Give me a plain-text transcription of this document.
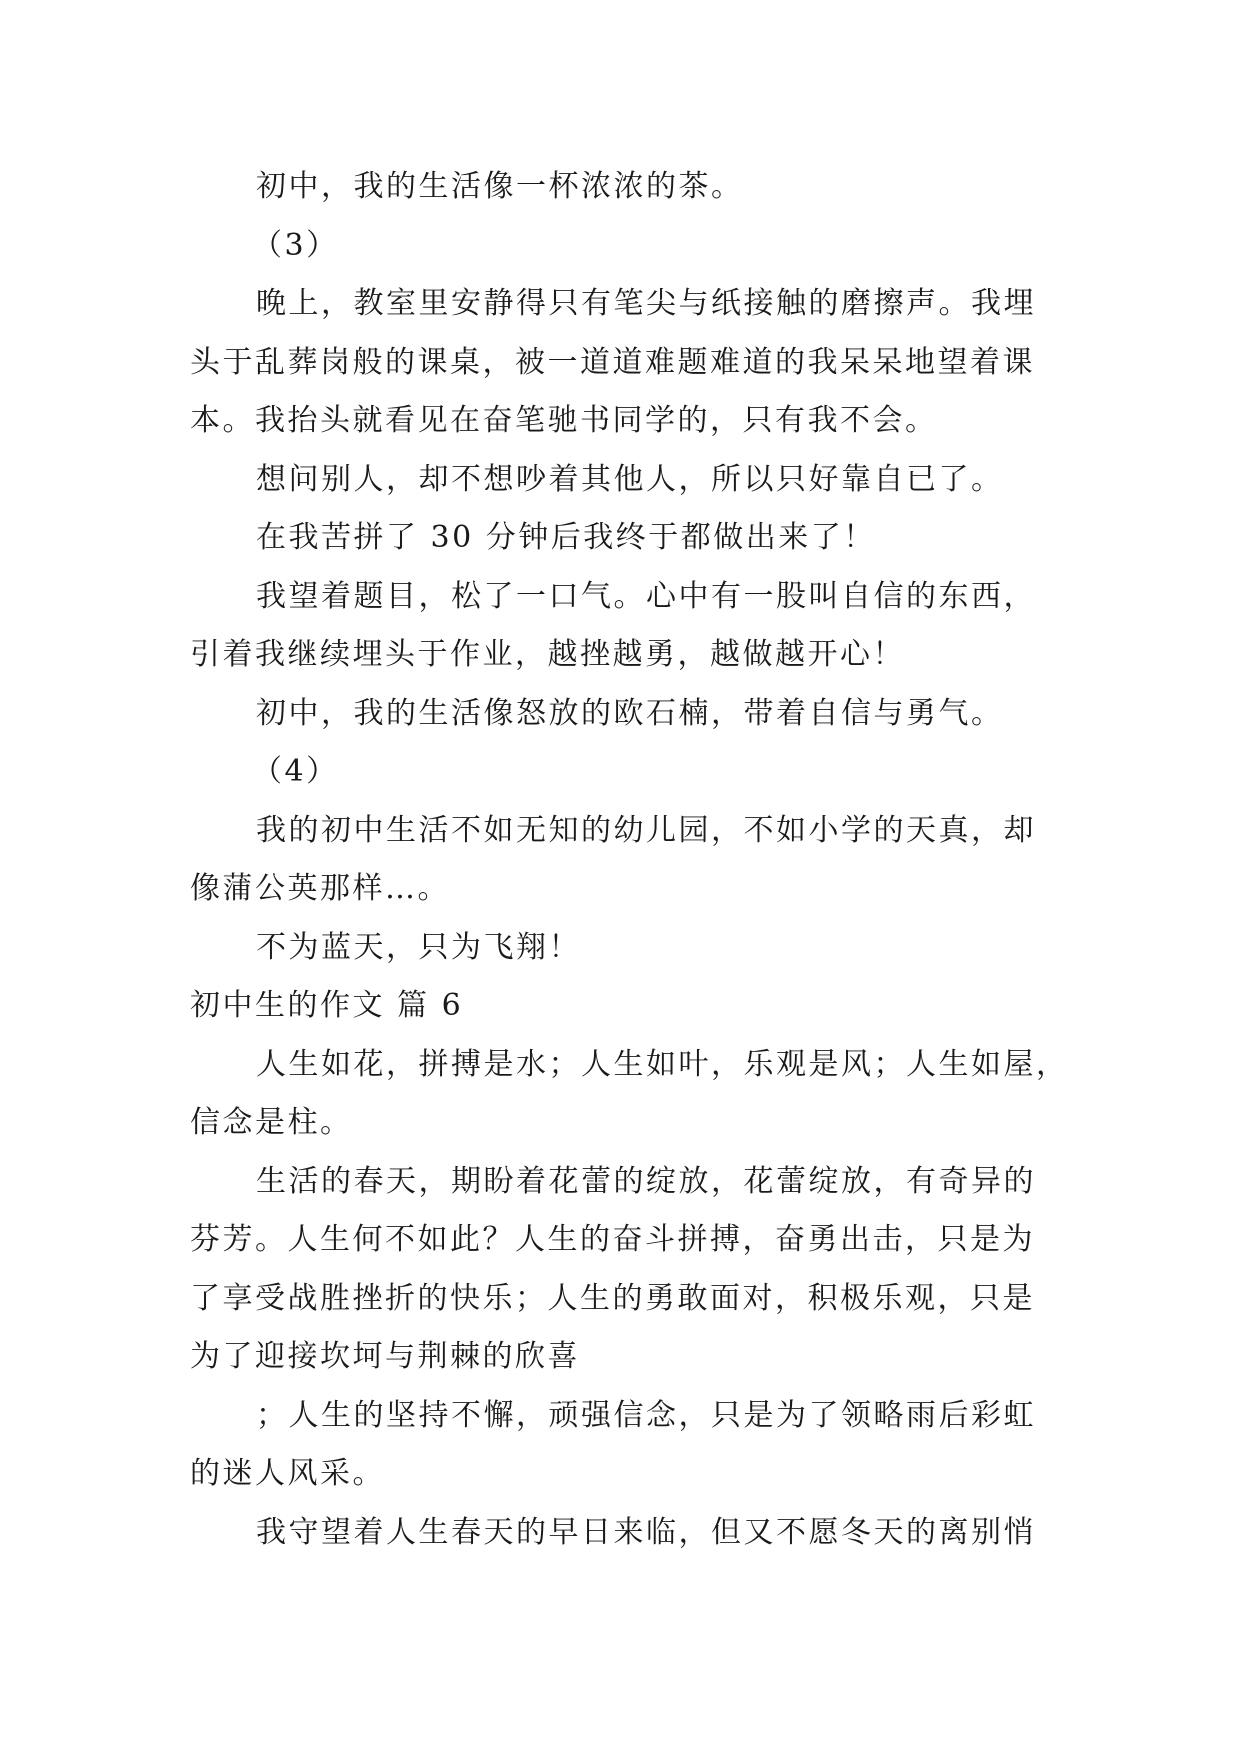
初中，我的生活像一杯浓浓的茶。
（3）
晚上，教室里安静得只有笔尖与纸接触的磨擦声。我埋
头于乱葬岗般的课桌，被一道道难题难道的我呆呆地望着课
本。我抬头就看见在奋笔驰书同学的，只有我不会。
想问别人，却不想吵着其他人，所以只好靠自已了。
在我苦拼了 30 分钟后我终于都做出来了！
我望着题目，松了一口气。心中有一股叫自信的东西，
引着我继续埋头于作业，越挫越勇，越做越开心！
初中，我的生活像怒放的欧石楠，带着自信与勇气。
（4）
我的初中生活不如无知的幼儿园，不如小学的天真，却
像蒲公英那样…。
不为蓝天，只为飞翔！
初中生的作文 篇 6
人生如花，拼搏是水；人生如叶，乐观是风；人生如屋，
信念是柱。
生活的春天，期盼着花蕾的绽放，花蕾绽放，有奇异的
芬芳。人生何不如此？人生的奋斗拼搏，奋勇出击，只是为
了享受战胜挫折的快乐；人生的勇敢面对，积极乐观，只是
为了迎接坎坷与荆棘的欣喜
；人生的坚持不懈，顽强信念，只是为了领略雨后彩虹
的迷人风采。
我守望着人生春天的早日来临，但又不愿冬天的离别悄
